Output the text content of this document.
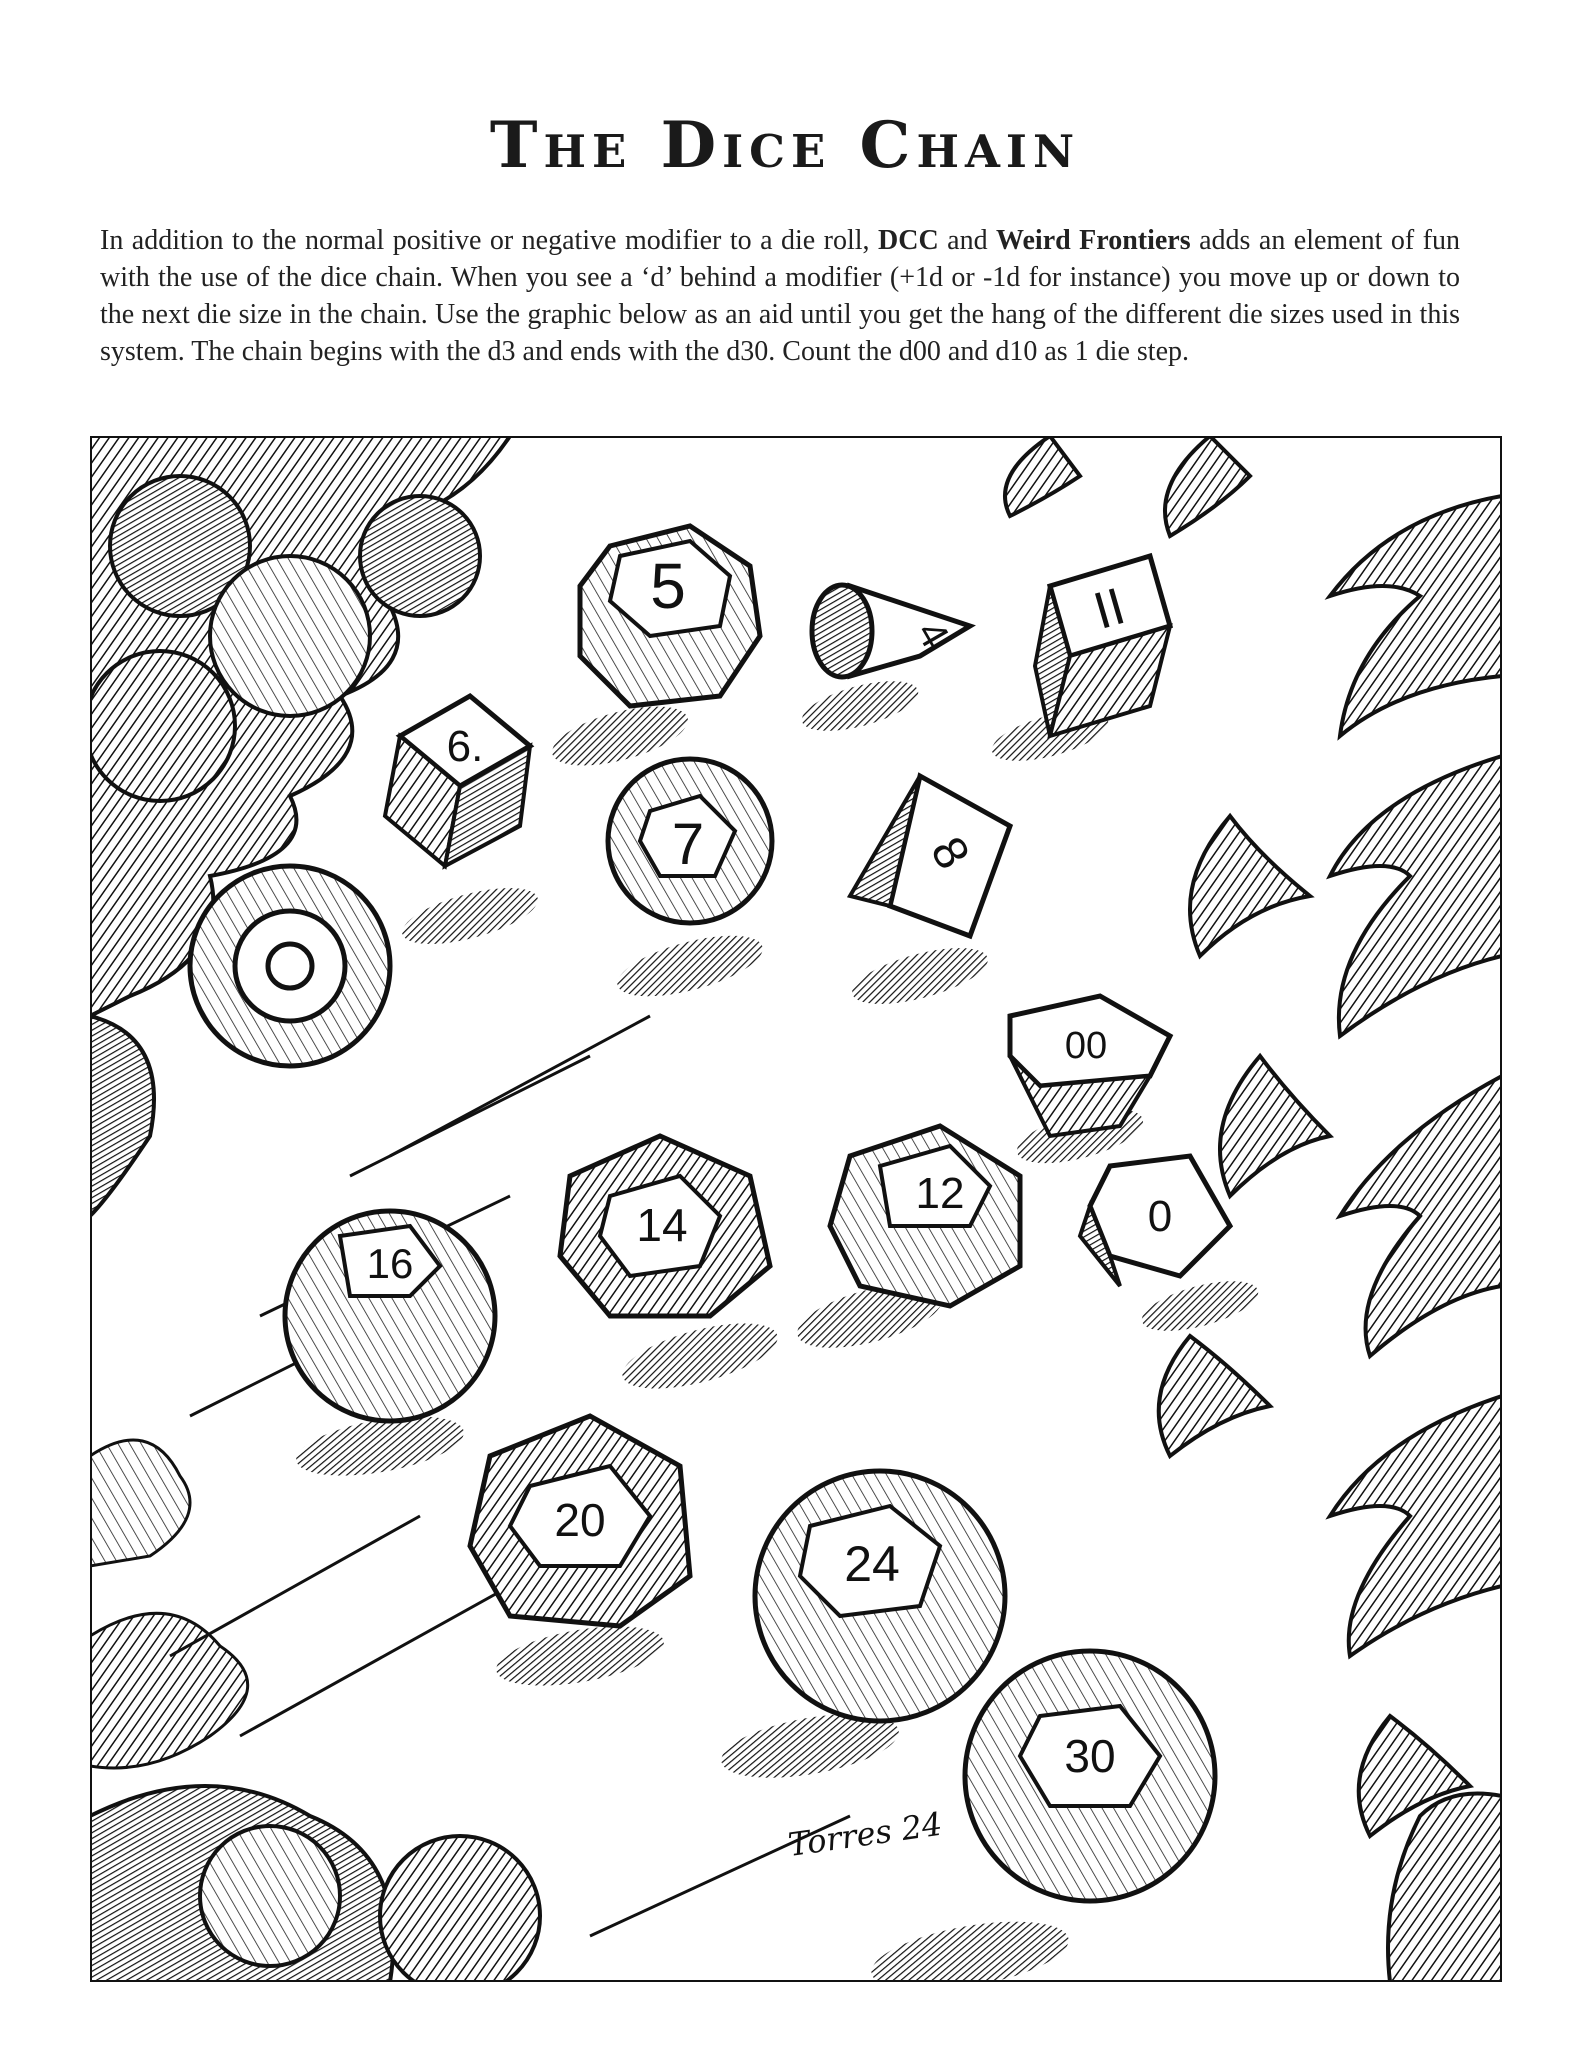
The Dice Chain
In addition to the normal positive or negative modifier to a die roll, DCC and Weird Frontiers adds an element of fun with the use of the dice chain. When you see a ‘d’ behind a modifier (+1d or -1d for instance) you move up or down to the next die size in the chain. Use the graphic below as an aid until you get the hang of the different die sizes used in this system. The chain begins with the d3 and ends with the d30. Count the d00 and d10 as 1 die step.
5
4	II
6.
7	8
00
12
14	0
16
20
24
30
Torres 24
